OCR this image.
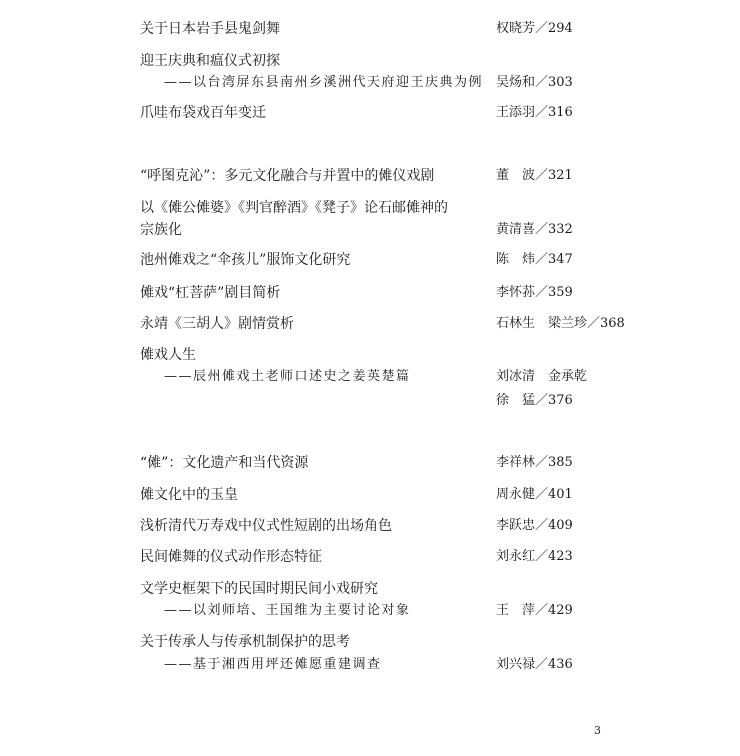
关于日本岩手县鬼剑舞	权晓芳／294
迎王庆典和瘟仪式初探
——以台湾屏东县南州乡溪洲代天府迎王庆典为例 吴炀和／303
爪哇布袋戏百年变迁	王添羽／316
“呼图克沁”：多元文化融合与并置中的傩仪戏剧	董　波／321
以《傩公傩婆》《判官醉酒》《凳子》论石邮傩神的
宗族化	黄清喜／332
池州傩戏之“伞孩儿”服饰文化研究	陈　炜／347
傩戏“杠菩萨”剧目简析	李怀荪／359
永靖《三胡人》剧情赏析	石林生　梁兰珍／368
傩戏人生
——辰州傩戏土老师口述史之姜英楚篇	刘冰清　金承乾
徐　猛／376
“傩”：文化遗产和当代资源	李祥林／385
傩文化中的玉皇	周永健／401
浅析清代万寿戏中仪式性短剧的出场角色	李跃忠／409
民间傩舞的仪式动作形态特征	刘永红／423
文学史框架下的民国时期民间小戏研究
——以刘师培、王国维为主要讨论对象	王　萍／429
关于传承人与传承机制保护的思考
——基于湘西用坪还傩愿重建调查	刘兴禄／436
3
